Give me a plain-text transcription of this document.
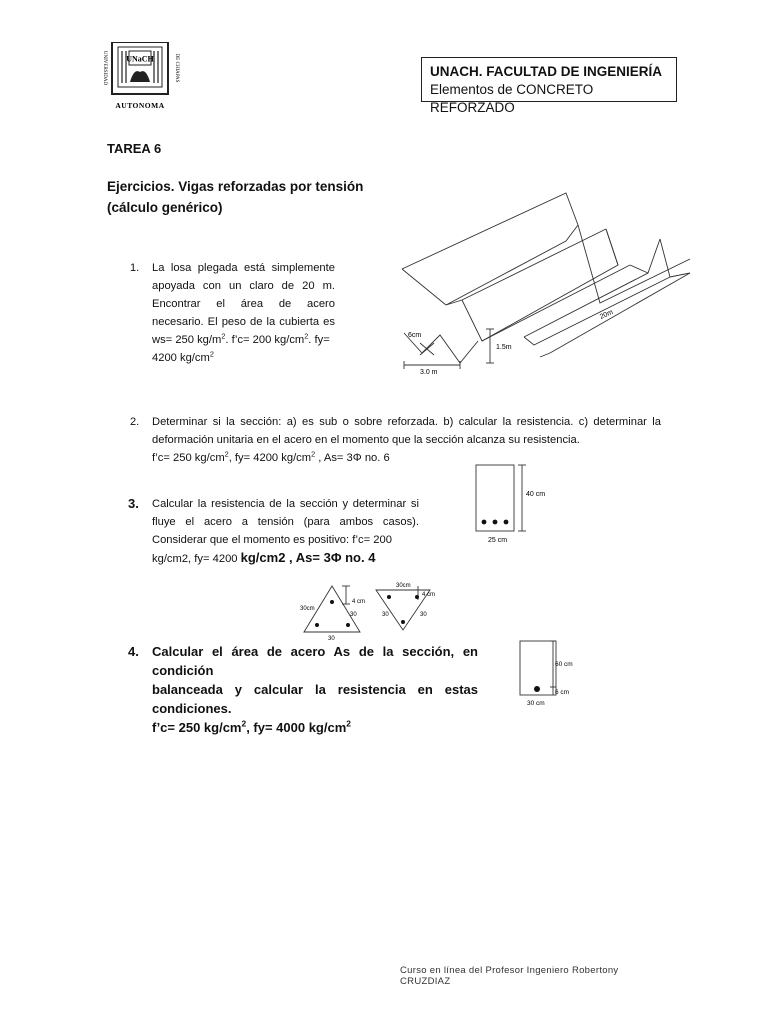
UNaCH
UNIVERSIDAD	DE CHIAPAS
AUTONOMA
UNACH. FACULTAD DE INGENIERÍA
Elementos de CONCRETO REFORZADO
TAREA 6
Ejercicios. Vigas reforzadas por tensión
(cálculo genérico)
1. La losa plegada está simplemente
apoyada con un claro de 20 m.
Encontrar el área de acero
necesario. El peso de la cubierta es
ws= 250 $kg/m^2$. f’c= 200 $kg/cm^2$. fy=
4200 $kg/cm^2$
20m
6cm
1.5m
3.0 m
2. Determinar si la sección: a) es sub o sobre reforzada. b) calcular la resistencia. c) determinar la deformación unitaria en el acero en el momento que la sección alcanza su resistencia.
f’c= 250 $kg/cm^2$, fy= 4200 $kg/cm^2$ , As= 3Φ no. 6
40 cm
25 cm
3. Calcular la resistencia de la sección y determinar si fluye el acero a tensión (para ambos casos). Considerar que el momento es positivo: f’c= 200
kg/cm2, fy= 4200 kg/cm2 , As= 3Φ no. 4
30cm
4 cm
30
30
30cm
4 cm
30	30
4. Calcular el área de acero As de la sección, en condición
balanceada y calcular la resistencia en estas condiciones.
f’c= 250 $kg/cm^2$, fy= 4000 $kg/cm^2$
60 cm
6 cm
30 cm
Curso en línea del Profesor Ingeniero Robertony CRUZDIAZ
